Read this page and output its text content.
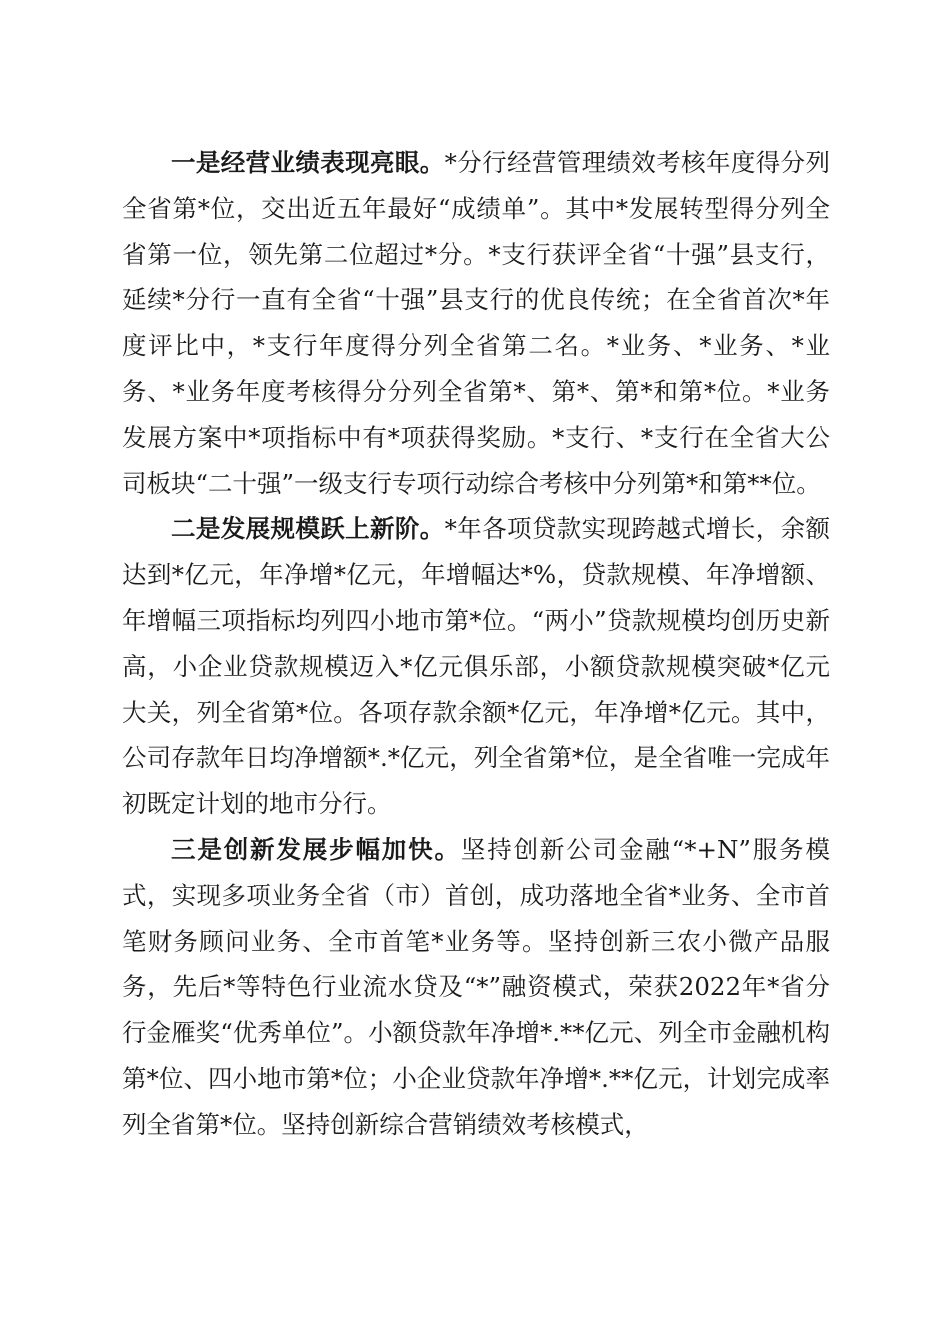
一是经营业绩表现亮眼。*分行经营管理绩效考核年度得分列全省第*位，交出近五年最好“成绩单”。其中*发展转型得分列全省第一位，领先第二位超过*分。*支行获评全省“十强”县支行，延续*分行一直有全省“十强”县支行的优良传统；在全省首次*年度评比中，*支行年度得分列全省第二名。*业务、*业务、*业务、*业务年度考核得分分列全省第*、第*、第*和第*位。*业务发展方案中*项指标中有*项获得奖励。*支行、*支行在全省大公司板块“二十强”一级支行专项行动综合考核中分列第*和第**位。

二是发展规模跃上新阶。*年各项贷款实现跨越式增长，余额达到*亿元，年净增*亿元，年增幅达*%，贷款规模、年净增额、年增幅三项指标均列四小地市第*位。“两小”贷款规模均创历史新高，小企业贷款规模迈入*亿元俱乐部，小额贷款规模突破*亿元大关，列全省第*位。各项存款余额*亿元，年净增*亿元。其中，公司存款年日均净增额*.*亿元，列全省第*位，是全省唯一完成年初既定计划的地市分行。

三是创新发展步幅加快。坚持创新公司金融“*+N”服务模式，实现多项业务全省（市）首创，成功落地全省*业务、全市首笔财务顾问业务、全市首笔*业务等。坚持创新三农小微产品服务，先后*等特色行业流水贷及“*”融资模式，荣获2022年*省分行金雁奖“优秀单位”。小额贷款年净增*.**亿元、列全市金融机构第*位、四小地市第*位；小企业贷款年净增*.**亿元，计划完成率列全省第*位。坚持创新综合营销绩效考核模式，
